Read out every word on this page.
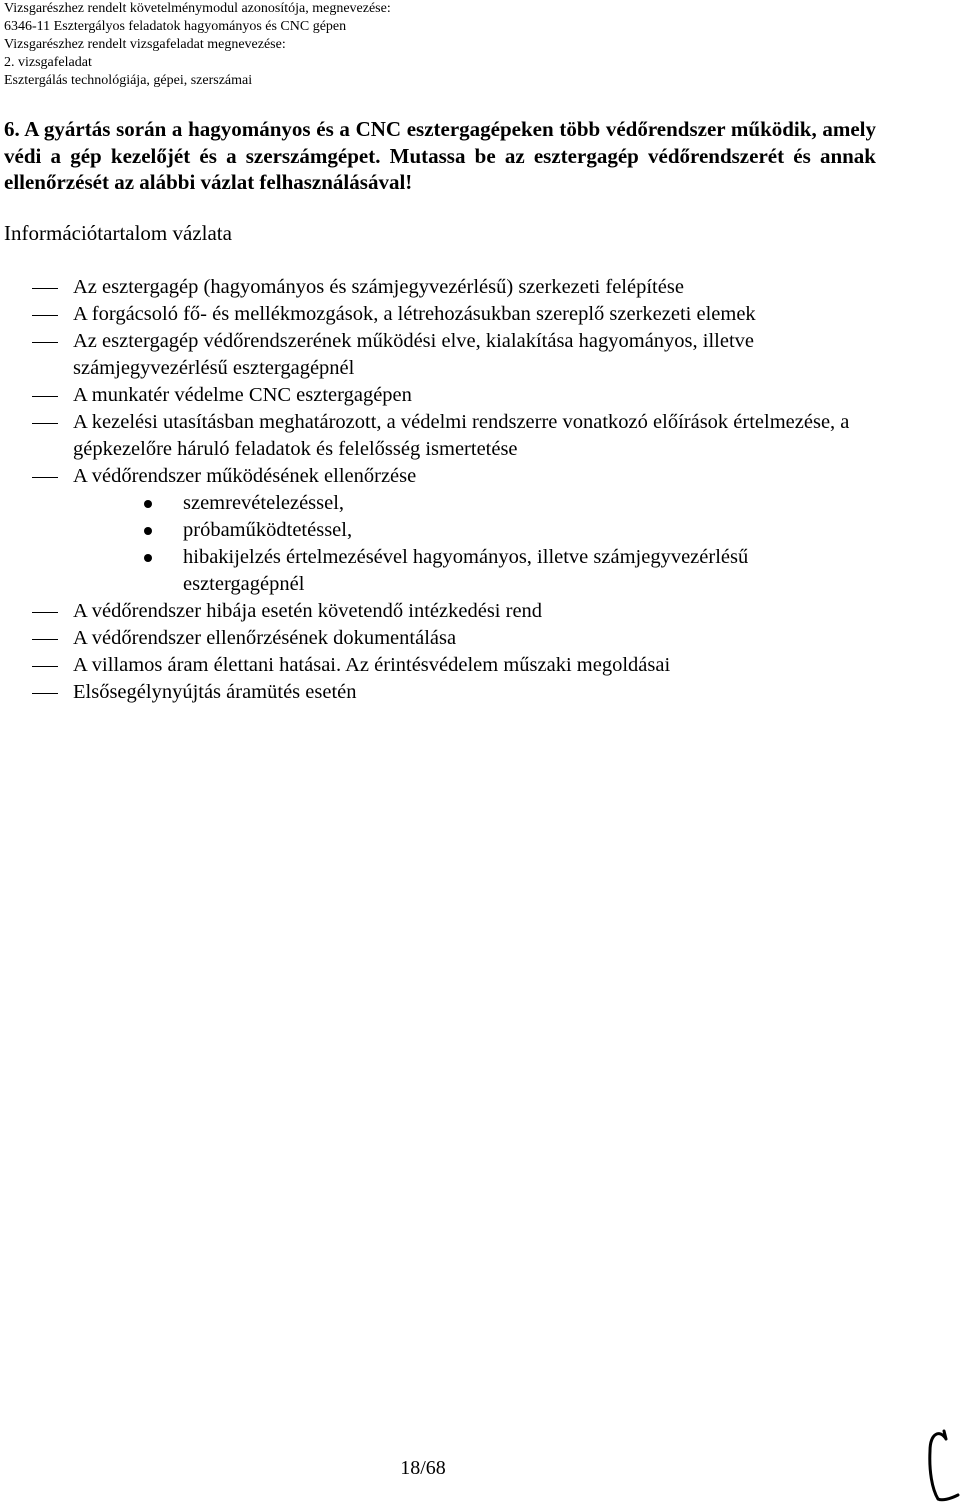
Vizsgarészhez rendelt követelménymodul azonosítója, megnevezése:
6346-11 Esztergályos feladatok hagyományos és CNC gépen
Vizsgarészhez rendelt vizsgafeladat megnevezése:
2. vizsgafeladat
Esztergálás technológiája, gépei, szerszámai

6. A gyártás során a hagyományos és a CNC esztergagépeken több védőrendszer működik, amely védi a gép kezelőjét és a szerszámgépet. Mutassa be az esztergagép védőrendszerét és annak ellenőrzését az alábbi vázlat felhasználásával!

Információtartalom vázlata
Az esztergagép (hagyományos és számjegyvezérlésű) szerkezeti felépítése
A forgácsoló fő- és mellékmozgások, a létrehozásukban szereplő szerkezeti elemek
Az esztergagép védőrendszerének működési elve, kialakítása hagyományos, illetve számjegyvezérlésű esztergagépnél
A munkatér védelme CNC esztergagépen
A kezelési utasításban meghatározott, a védelmi rendszerre vonatkozó előírások értelmezése, a gépkezelőre háruló feladatok és felelősség ismertetése
A védőrendszer működésének ellenőrzése
szemrevételezéssel,
próbaműködtetéssel,
hibakijelzés értelmezésével hagyományos, illetve számjegyvezérlésű esztergagépnél
A védőrendszer hibája esetén követendő intézkedési rend
A védőrendszer ellenőrzésének dokumentálása
A villamos áram élettani hatásai. Az érintésvédelem műszaki megoldásai
Elsősegélynyújtás áramütés esetén
18/68
